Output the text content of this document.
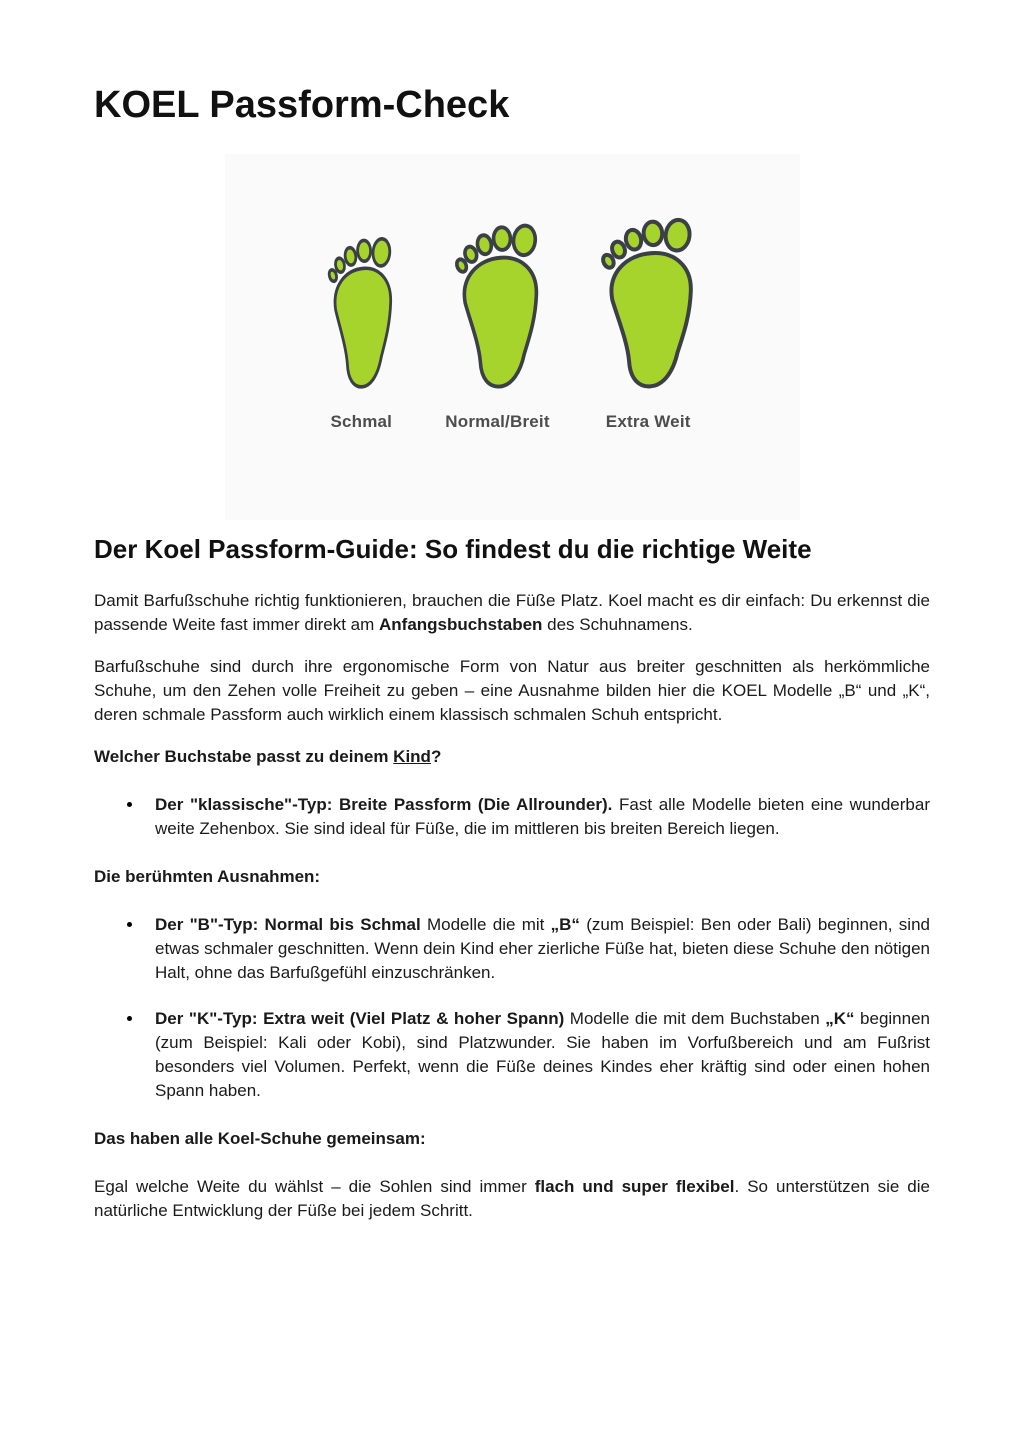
KOEL Passform-Check
Schmal	Normal/Breit	Extra Weit
Der Koel Passform-Guide: So findest du die richtige Weite

Damit Barfußschuhe richtig funktionieren, brauchen die Füße Platz. Koel macht es dir einfach: Du erkennst die passende Weite fast immer direkt am Anfangsbuchstaben des Schuhnamens.

Barfußschuhe sind durch ihre ergonomische Form von Natur aus breiter geschnitten als herkömmliche Schuhe, um den Zehen volle Freiheit zu geben – eine Ausnahme bilden hier die KOEL Modelle „B“ und „K“, deren schmale Passform auch wirklich einem klassisch schmalen Schuh entspricht.

Welcher Buchstabe passt zu deinem Kind?

Der "klassische"-Typ: Breite Passform (Die Allrounder). Fast alle Modelle bieten eine wunderbar weite Zehenbox. Sie sind ideal für Füße, die im mittleren bis breiten Bereich liegen.

Die berühmten Ausnahmen:

Der "B"-Typ: Normal bis Schmal Modelle die mit „B“ (zum Beispiel: Ben oder Bali) beginnen, sind etwas schmaler geschnitten. Wenn dein Kind eher zierliche Füße hat, bieten diese Schuhe den nötigen Halt, ohne das Barfußgefühl einzuschränken.
Der "K"-Typ: Extra weit (Viel Platz & hoher Spann) Modelle die mit dem Buchstaben „K“ beginnen (zum Beispiel: Kali oder Kobi), sind Platzwunder. Sie haben im Vorfußbereich und am Fußrist besonders viel Volumen. Perfekt, wenn die Füße deines Kindes eher kräftig sind oder einen hohen Spann haben.

Das haben alle Koel-Schuhe gemeinsam:

Egal welche Weite du wählst – die Sohlen sind immer flach und super flexibel. So unterstützen sie die natürliche Entwicklung der Füße bei jedem Schritt.
